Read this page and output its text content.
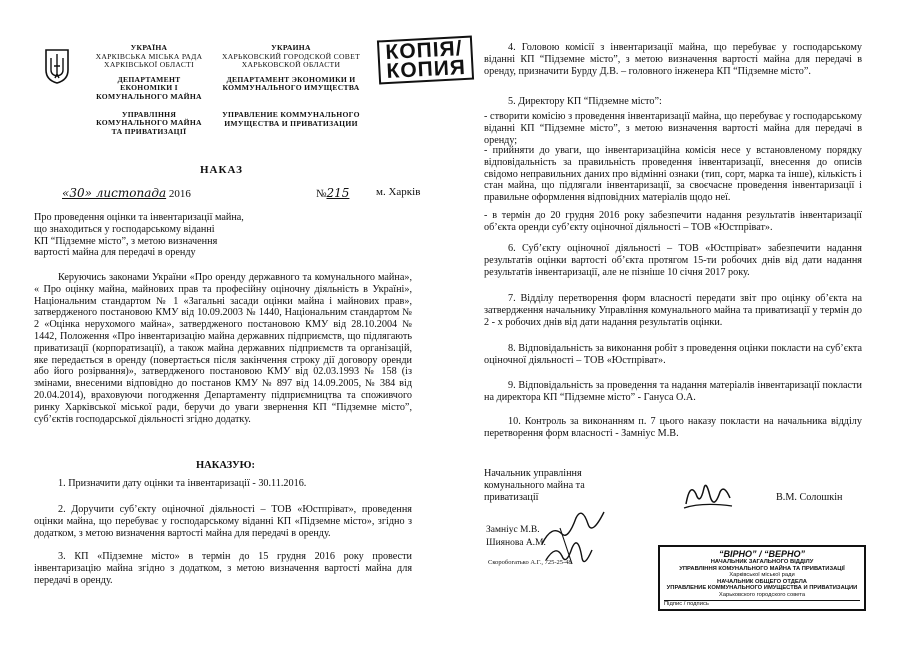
УКРАЇНА
ХАРКІВСЬКА МІСЬКА РАДА
ХАРКІВСЬКОЇ ОБЛАСТІ
ДЕПАРТАМЕНТ
ЕКОНОМІКИ І
КОМУНАЛЬНОГО МАЙНА
УПРАВЛІННЯ
КОМУНАЛЬНОГО МАЙНА
ТА ПРИВАТИЗАЦІЇ
УКРАИНА
ХАРЬКОВСКИЙ ГОРОДСКОЙ СОВЕТ
ХАРЬКОВСКОЙ ОБЛАСТИ
ДЕПАРТАМЕНТ ЭКОНОМИКИ И
КОММУНАЛЬНОГО ИМУЩЕСТВА
УПРАВЛЕНИЕ КОММУНАЛЬНОГО
ИМУЩЕСТВА И ПРИВАТИЗАЦИИ
КОПІЯ/
КОПИЯ
НАКАЗ
«30» листопада 2016	№215 м. Харків
Про проведення оцінки та інвентаризації майна,
що знаходиться у господарському віданні
КП “Підземне місто”, з метою визначення
вартості майна для передачі в оренду
Керуючись законами України «Про оренду державного та комунального майна», « Про оцінку майна, майнових прав та професійну оціночну діяльність в Україні», Національним стандартом № 1 «Загальні засади оцінки майна і майнових прав», затвердженого постановою КМУ від 10.09.2003 № 1440, Національним стандартом № 2 «Оцінка нерухомого майна», затвердженого постановою КМУ від 28.10.2004 № 1442, Положення «Про інвентаризацію майна державних підприємств, що підлягають приватизації (корпоратизації), а також майна державних підприємств та організацій, яке передається в оренду (повертається після закінчення строку дії договору оренди або його розірвання)», затвердженого постановою КМУ від 02.03.1993 № 158 (із змінами, внесеними відповідно до постанов КМУ № 897 від 14.09.2005, № 384 від 20.04.2014), враховуючи погодження Департаменту підприємництва та споживчого ринку Харківської міської ради, беручи до уваги звернення КП “Підземне місто”, суб’єктів господарської діяльності згідно додатку.
НАКАЗУЮ:
1. Призначити дату оцінки та інвентаризації - 30.11.2016.
2. Доручити суб’єкту оціночної діяльності – ТОВ «Юстпріват», проведення оцінки майна, що перебуває у господарському віданні КП «Підземне місто», згідно з додатком, з метою визначення вартості майна для передачі в оренду.
3. КП «Підземне місто» в термін до 15 грудня 2016 року провести інвентаризацію майна згідно з додатком, з метою визначення вартості майна для передачі в оренду.
4. Головою комісії з інвентаризації майна, що перебуває у господарському віданні КП “Підземне місто”, з метою визначення вартості майна для передачі в оренду, призначити Бурду Д.В. – головного інженера КП “Підземне місто”.
5. Директору КП “Підземне місто”:
- створити комісію з проведення інвентаризації майна, що перебуває у господарському віданні КП “Підземне місто”, з метою визначення вартості майна для передачі в оренду;
- прийняти до уваги, що інвентаризаційна комісія несе у встановленому порядку відповідальність за правильність проведення інвентаризації, внесення до описів свідомо неправильних даних про відмінні ознаки (тип, сорт, марка та інше), кількість і стан майна, що підлягали інвентаризації, за своєчасне проведення інвентаризації і правильне оформлення відповідних матеріалів щодо неї.
- в термін до 20 грудня 2016 року забезпечити надання результатів інвентаризації об’єкта оренди суб’єкту оціночної діяльності – ТОВ «Юстпріват».
6. Суб’єкту оціночної діяльності – ТОВ «Юстпріват» забезпечити надання результатів оцінки вартості об’єкта протягом 15-ти робочих днів від дати надання результатів інвентаризації, але не пізніше 10 січня 2017 року.
7. Відділу перетворення форм власності передати звіт про оцінку об’єкта на затвердження начальнику Управління комунального майна та приватизації у термін до 2 - х робочих днів від дати надання результатів оцінки.
8. Відповідальність за виконання робіт з проведення оцінки покласти на суб’єкта оціночної діяльності – ТОВ «Юстпріват».
9. Відповідальність за проведення та надання матеріалів інвентаризації покласти на директора КП “Підземне місто” - Гануса О.А.
10. Контроль за виконанням п. 7 цього наказу покласти на начальника відділу перетворення форм власності - Замніус М.В.
Начальник управління
комунального майна та
приватизації	В.М. Солошкін
Замніус М.В.
Шиянова А.М.
Скоробогатько А.Г., 725-25-48
“ВІРНО” / “ВЕРНО”
НАЧАЛЬНИК ЗАГАЛЬНОГО ВІДДІЛУ
УПРАВЛІННЯ КОМУНАЛЬНОГО МАЙНА ТА ПРИВАТИЗАЦІЇ
Харківської міської ради
НАЧАЛЬНИК ОБЩЕГО ОТДЕЛА
УПРАВЛЕНИЕ КОММУНАЛЬНОГО ИМУЩЕСТВА И ПРИВАТИЗАЦИИ
Харьковского городского совета
Підпис / подпись
